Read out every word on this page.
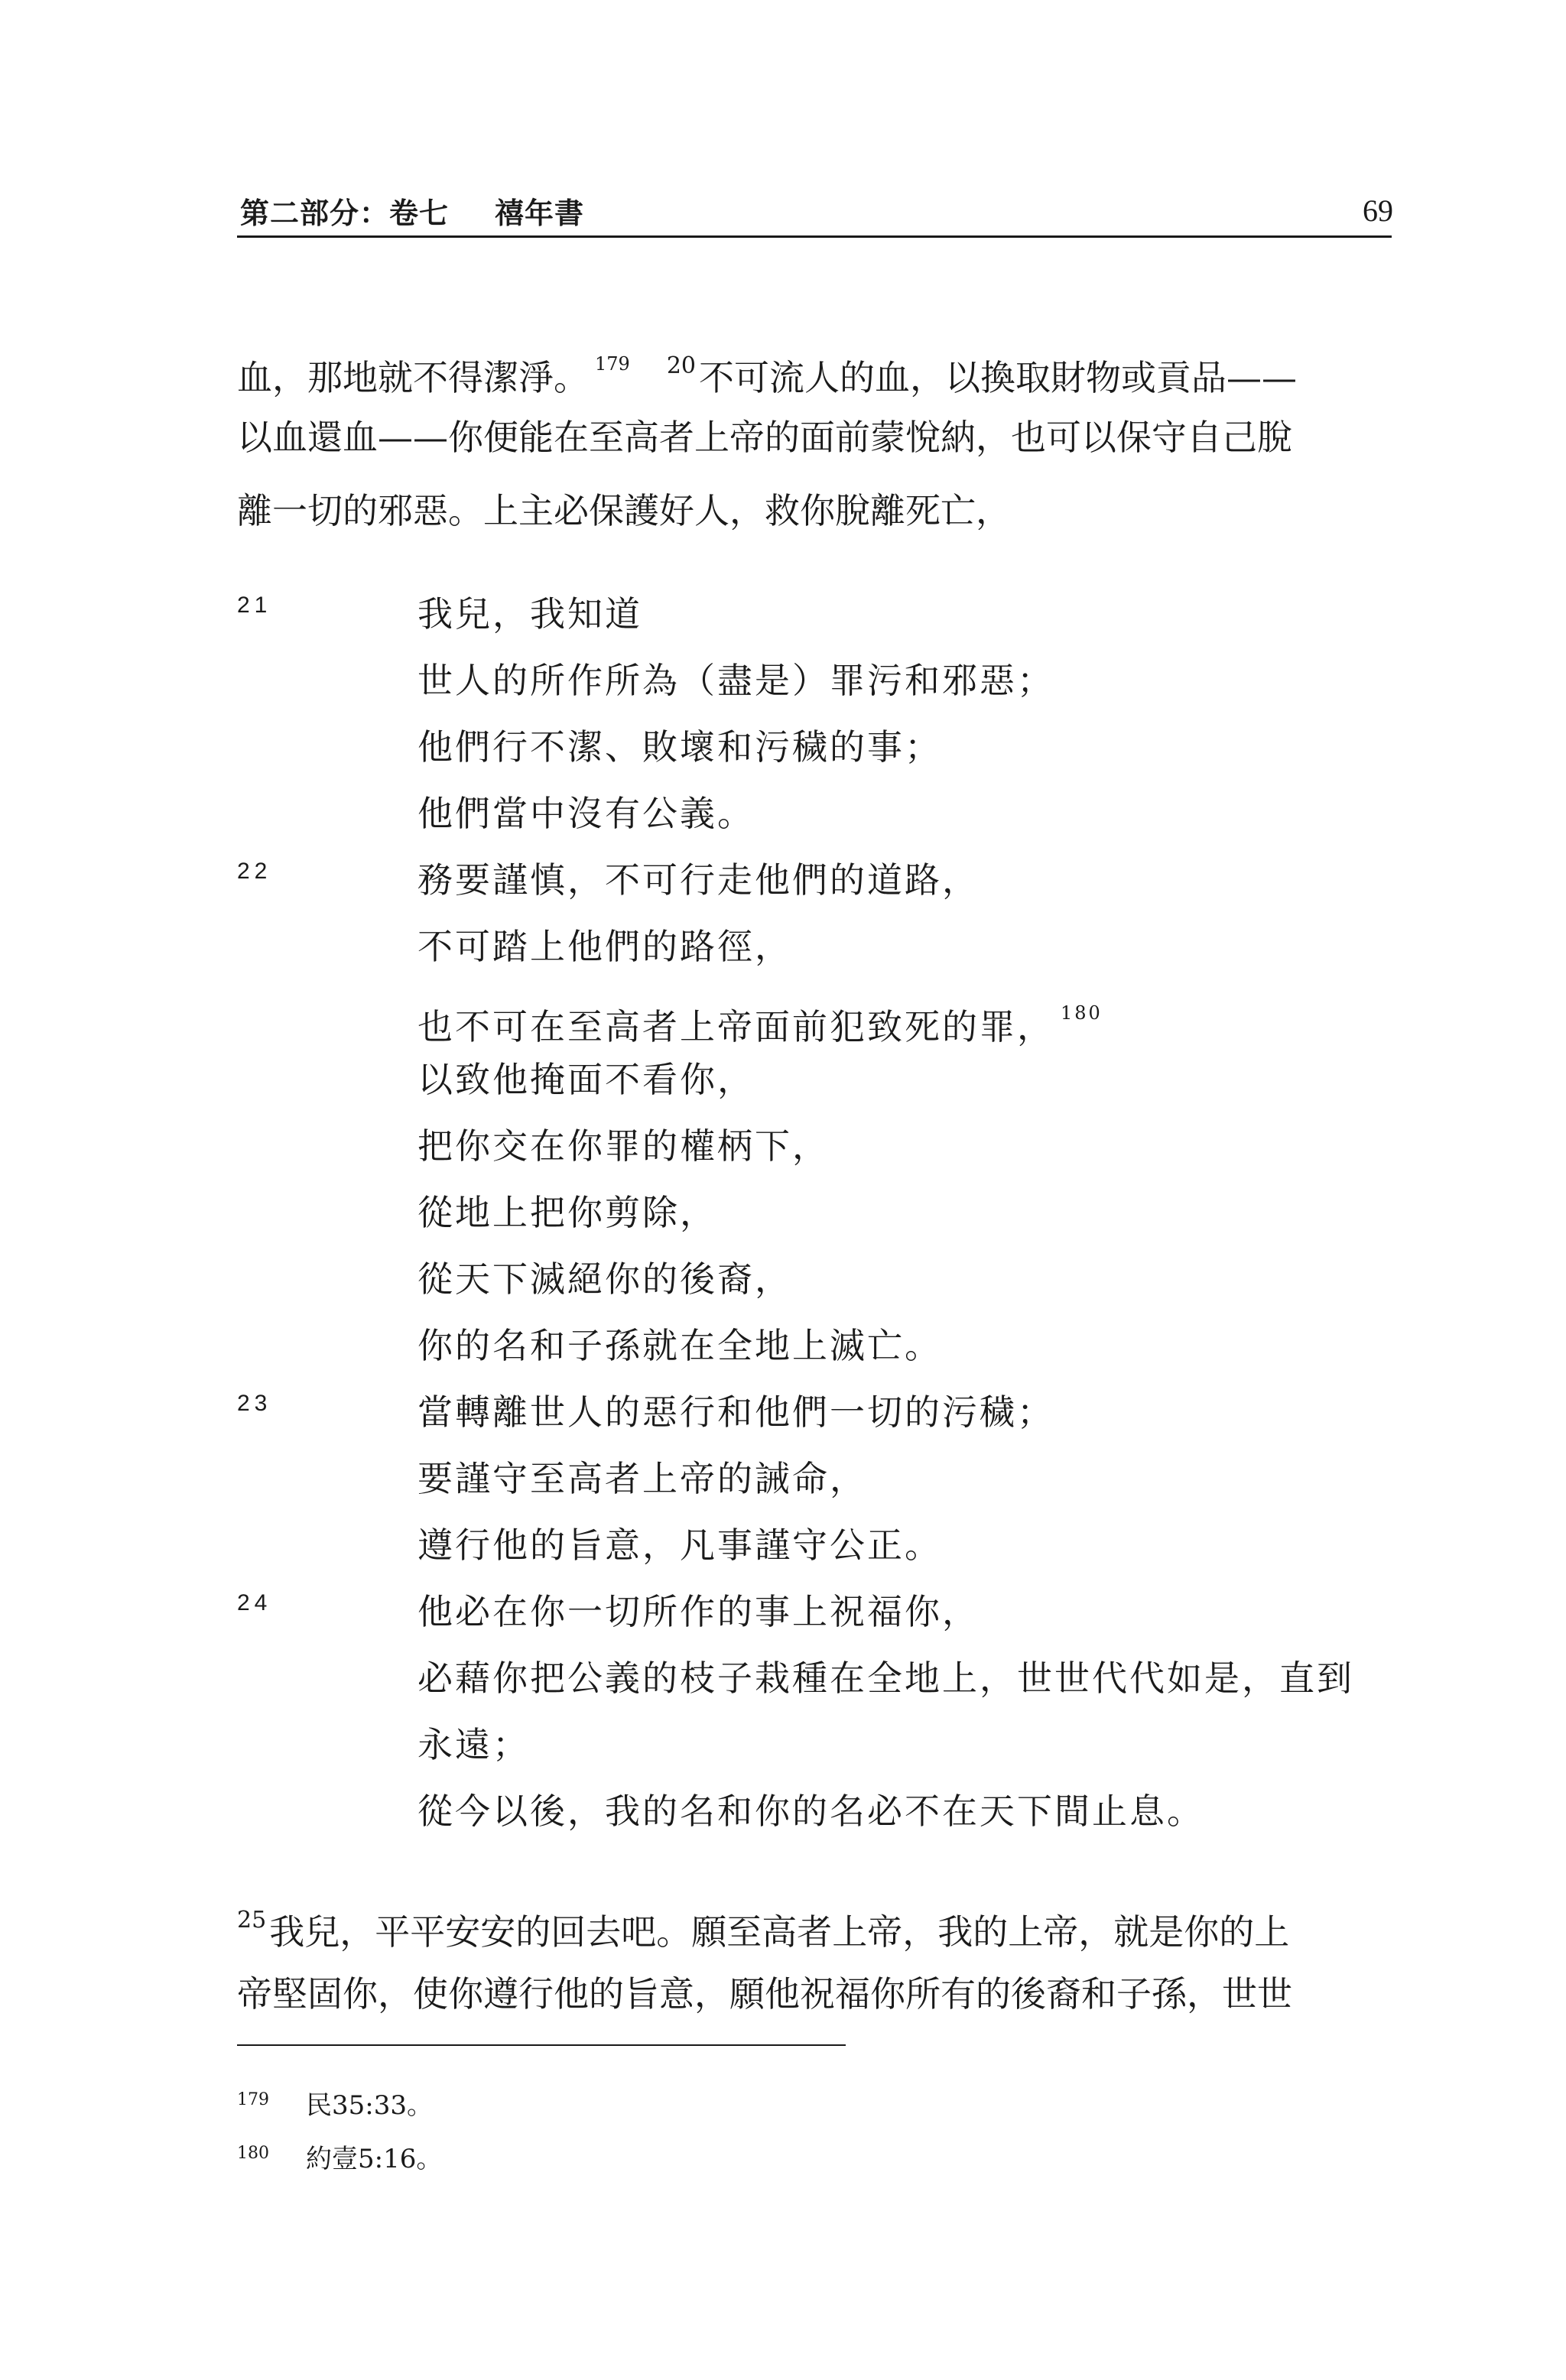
第二部分：卷七 禧年書	69
血，那地就不得潔淨。 $^{179}$ $^{20}$不可流人的血，以換取財物或貢品——
以血還血——你便能在至高者上帝的面前蒙悅納，也可以保守自己脫
離一切的邪惡。上主必保護好人，救你脫離死亡，
21	我兒，我知道
世人的所作所為（盡是）罪污和邪惡；
他們行不潔、敗壞和污穢的事；
他們當中沒有公義。
22	務要謹慎，不可行走他們的道路，
不可踏上他們的路徑，
也不可在至高者上帝面前犯致死的罪， $^{180}$
以致他掩面不看你，
把你交在你罪的權柄下，
從地上把你剪除，
從天下滅絕你的後裔，
你的名和子孫就在全地上滅亡。
23	當轉離世人的惡行和他們一切的污穢；
要謹守至高者上帝的誡命，
遵行他的旨意，凡事謹守公正。
24	他必在你一切所作的事上祝福你，
必藉你把公義的枝子栽種在全地上，世世代代如是，直到
永遠；
從今以後，我的名和你的名必不在天下間止息。
$^{25}$我兒，平平安安的回去吧。願至高者上帝，我的上帝，就是你的上
帝堅固你，使你遵行他的旨意，願他祝福你所有的後裔和子孫，世世
179 民35:33。
180 約壹5:16。
